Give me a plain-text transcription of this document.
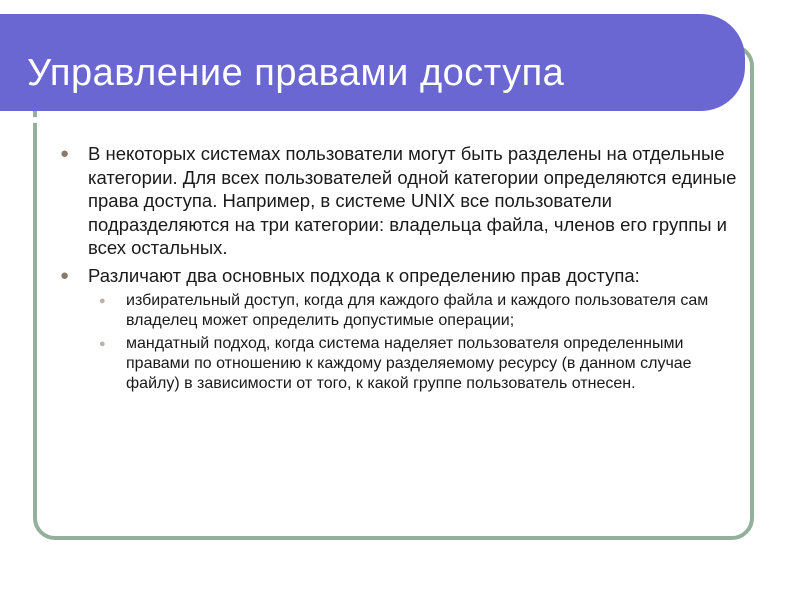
Управление правами доступа
● В некоторых системах пользователи могут быть разделены на отдельные категории. Для всех пользователей одной категории определяются единые права доступа. Например, в системе UNIX все пользователи подразделяются на три категории: владельца файла, членов его группы и всех остальных.
● Различают два основных подхода к определению прав доступа:
● избирательный доступ, когда для каждого файла и каждого пользователя сам владелец может определить допустимые операции;
● мандатный подход, когда система наделяет пользователя определенными правами по отношению к каждому разделяемому ресурсу (в данном случае файлу) в зависимости от того, к какой группе пользователь отнесен.
